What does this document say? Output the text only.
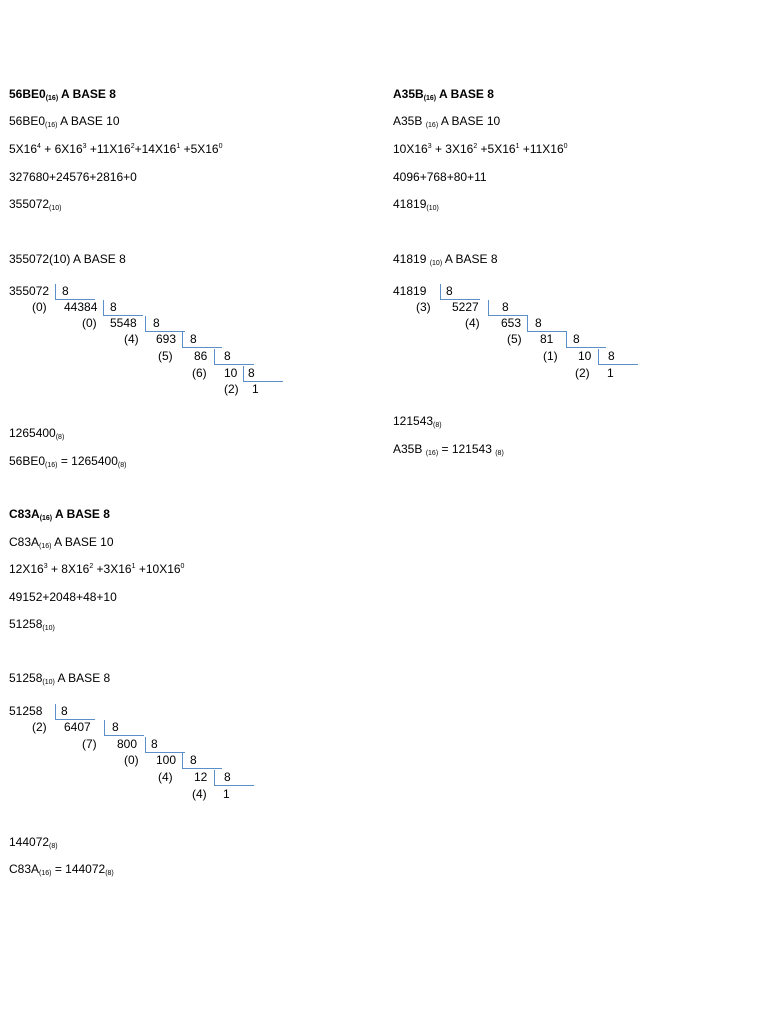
$56BE0_{(16)}$ A BASE 8
$56BE0_{(16)}$ A BASE 10
$5X16^4 + 6X16^3 +11X16^2+14X16^1 +5X16^0$
327680+24576+2816+0
$355072_{(10)}$
355072(10) A BASE 8
355072 8
(0) 44384 8
(0) 5548 8
(4) 693 8
(5) 86 8
(6) 10 8
(2) 1
$1265400_{(8)}$
$56BE0_{(16)} = 1265400_{(8)}$
$A35B_{(16)}$ A BASE 8
A35B $_{(16)}$ A BASE 10
$10X16^3 + 3X16^2 +5X16^1 +11X16^0$
4096+768+80+11
$41819_{(10)}$
41819 $_{(10)}$ A BASE 8
41819 8
(3) 5227 8
(4) 653 8
(5) 81 8
(1) 10 8
(2) 1
$121543_{(8)}$
A35B $_{(16)}$ = 121543 $_{(8)}$
$C83A_{(16)}$ A BASE 8
$C83A_{(16)}$ A BASE 10
$12X16^3 + 8X16^2 +3X16^1 +10X16^0$
49152+2048+48+10
$51258_{(10)}$
$51258_{(10)}$ A BASE 8
51258 8
(2) 6407 8
(7) 800 8
(0) 100 8
(4) 12 8
(4) 1
$144072_{(8)}$
$C83A_{(16)} = 144072_{(8)}$
